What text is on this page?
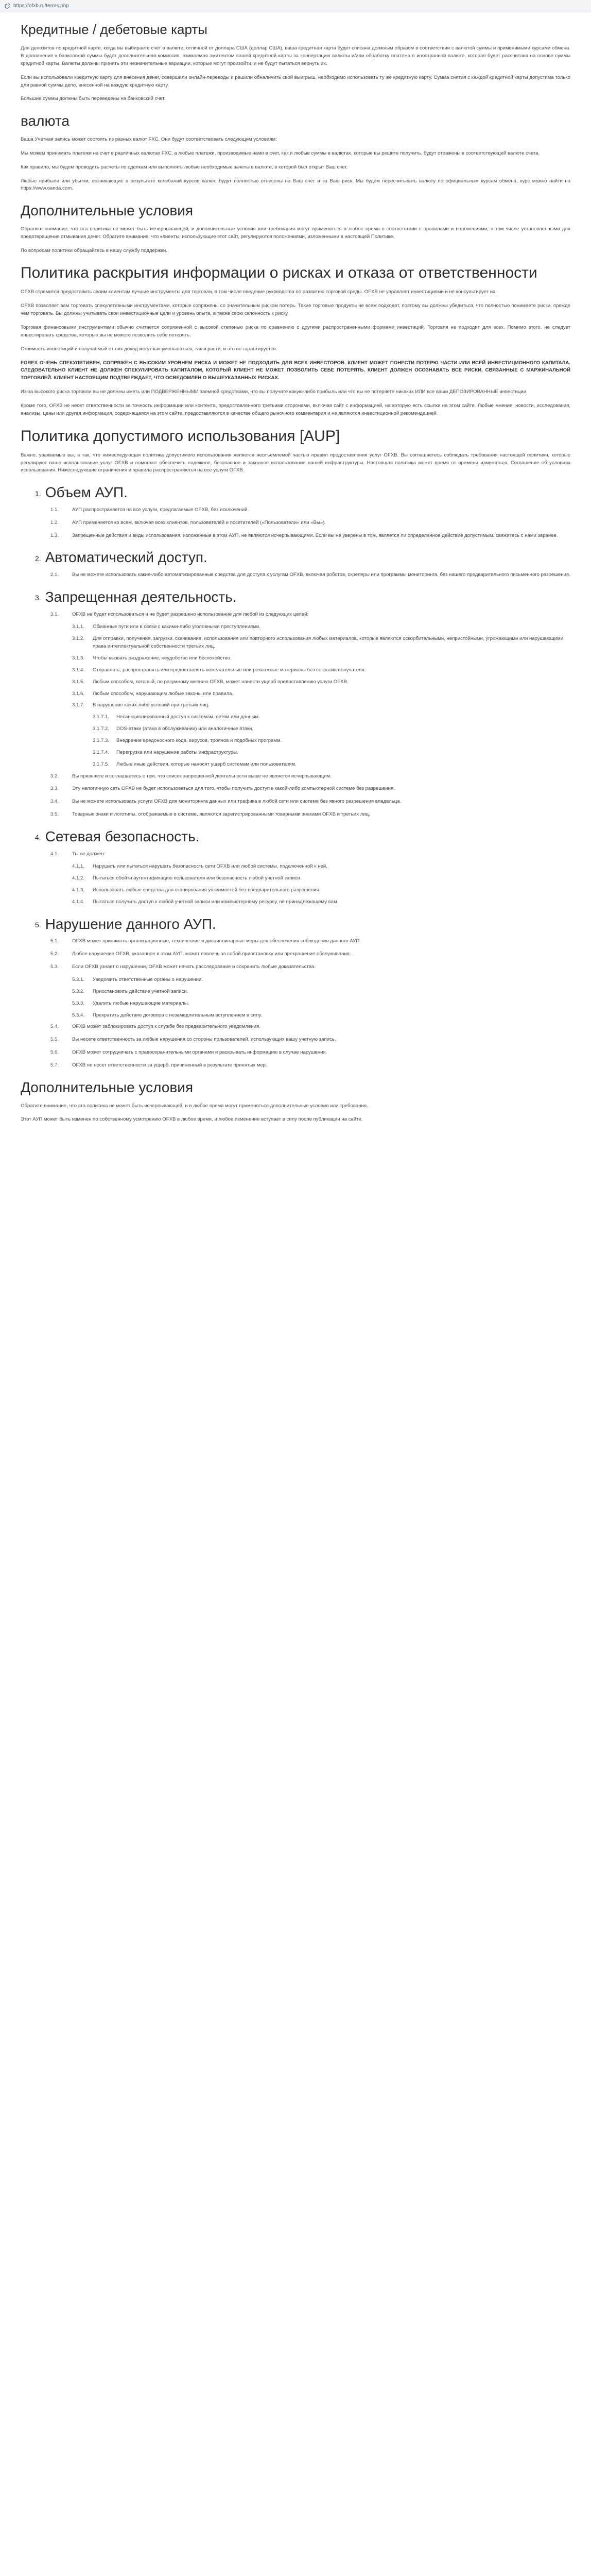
https://ofxb.ru/terms.php
Кредитные / дебетовые карты

Для депозитов по кредитной карте, когда вы выбираете счет в валюте, отличной от доллара США (доллар США), ваша кредитная карта будет списана должным образом в соответствии с валютой суммы и применимыми курсами обмена. В дополнение к банковской суммы будет дополнительная комиссия, взимаемая эмитентом вашей кредитной карты за конвертацию валюты и/или обработку платежа в иностранной валюте, которая будет рассчитана на основе суммы кредитной карты. Валюты должны принять эти незначительные вариации, которые могут произойти, и не будут пытаться вернуть их.

Если вы использовали кредитную карту для внесения денег, совершили онлайн-переводы и решили обналичить свой выигрыш, необходимо использовать ту же кредитную карту. Сумма снятия с каждой кредитной карты допустима только для равной суммы депо, внесенной на каждую кредитную карту.

Большие суммы должны быть переведены на банковский счет.

валюта

Ваша Учетная запись может состоять из разных валют FXC. Они будут соответствовать следующим условиям:

Мы можем принимать платежи на счет в различных валютах FXC, а любые платежи, производимые нами в счет, как и любые суммы в валютах, которые вы решите получить, будут отражены в соответствующей валюте счета.

Как правило, мы будем проводить расчеты по сделкам или выполнять любые необходимые зачеты в валюте, в которой был открыт Ваш счет.

Любые прибыли или убытки, возникающие в результате колебаний курсов валют, будут полностью отнесены на Ваш счет и за Ваш риск. Мы будем пересчитывать валюту по официальным курсам обмена, курс можно найти на https://www.oanda.com.

Дополнительные условия

Обратите внимание, что эта политика не может быть исчерпывающей, и дополнительные условия или требования могут применяться в любое время в соответствии с правилами и положениями, в том числе установленными для предотвращения отмывания денег. Обратите внимание, что клиенты, использующие этот сайт, регулируются положениями, изложенными в настоящей Политике.

По вопросам политики обращайтесь в нашу службу поддержки.

Политика раскрытия информации о рисках и отказа от ответственности

OFXB стремится предоставить своим клиентам лучшие инструменты для торговли, в том числе введение руководства по развитию торговой среды. OFXB не управляет инвестициями и не консультирует их.

OFXB позволяет вам торговать спекулятивными инструментами, которые сопряжены со значительным риском потерь. Такие торговые продукты не всем подходят, поэтому вы должны убедиться, что полностью понимаете риски, прежде чем торговать. Вы должны учитывать свои инвестиционные цели и уровень опыта, а также свою склонность к риску.

Торговая финансовыми инструментами обычно считается сопряженной с высокой степенью риска по сравнению с другими распространенными формами инвестиций. Торговля не подходит для всех. Помимо этого, не следует инвестировать средства, которые вы не можете позволить себе потерять.

Стоимость инвестиций и получаемый от них доход могут как уменьшаться, так и расти, и это не гарантируется.

FOREX ОЧЕНЬ СПЕКУЛЯТИВЕН, СОПРЯЖЕН С ВЫСОКИМ УРОВНЕМ РИСКА И МОЖЕТ НЕ ПОДХОДИТЬ ДЛЯ ВСЕХ ИНВЕСТОРОВ. КЛИЕНТ МОЖЕТ ПОНЕСТИ ПОТЕРЮ ЧАСТИ ИЛИ ВСЕЙ ИНВЕСТИЦИОННОГО КАПИТАЛА. СЛЕДОВАТЕЛЬНО КЛИЕНТ НЕ ДОЛЖЕН СПЕКУЛИРОВАТЬ КАПИТАЛОМ, КОТОРЫЙ КЛИЕНТ НЕ МОЖЕТ ПОЗВОЛИТЬ СЕБЕ ПОТЕРЯТЬ. КЛИЕНТ ДОЛЖЕН ОСОЗНАВАТЬ ВСЕ РИСКИ, СВЯЗАННЫЕ С МАРЖИНАЛЬНОЙ ТОРГОВЛЕЙ. КЛИЕНТ НАСТОЯЩИМ ПОДТВЕРЖДАЕТ, ЧТО ОСВЕДОМЛЕН О ВЫШЕУКАЗАННЫХ РИСКАХ.

Из-за высокого риска торговли вы не должны иметь или ПОДВЕРЖЕННЫМИ заемной средствами, что вы получите какую-либо прибыль или что вы не потеряете никаких ИЛИ все ваши ДЕПОЗИРОВАННЫЕ инвестиции.

Кроме того, OFXB не несет ответственности за точность информации или контента, предоставленного третьими сторонами, включая сайт с информацией, на которую есть ссылки на этом сайте. Любые мнения, новости, исследования, анализы, цены или другая информация, содержащаяся на этом сайте, предоставляются в качестве общего рыночного комментария и не являются инвестиционной рекомендацией.

Политика допустимого использования [AUP]

Важно, уважаемые вы, а так, что нижеследующая политика допустимого использования является неотъемлемой частью правил предоставления услуг OFXB. Вы соглашаетесь соблюдать требования настоящей политики, которые регулируют ваше использование услуг OFXB и помогают обеспечить надежное, безопасное и законное использование нашей инфраструктуры. Настоящая политика может время от времени изменяться. Соглашение об условиях использования. Нижеследующие ограничения и правила распространяются на все услуги OFXB.

1. Объем АУП.
1.1.	АУП распространяется на все услуги, предлагаемые OFXB, без исключений.
1.2.	АУП применяется ко всем, включая всех клиентов, пользователей и посетителей («Пользователи» или «Вы»).
1.3.	Запрещенные действия и виды использования, изложенные в этом АУП, не являются исчерпывающими. Если вы не уверены в том, является ли определенное действие допустимым, свяжитесь с нами заранее.
2. Автоматический доступ.
2.1.	Вы не можете использовать какие-либо автоматизированные средства для доступа к услугам OFXB, включая роботов, скреперы или программы мониторинга, без нашего предварительного письменного разрешения.
3. Запрещенная деятельность.
3.1.	OFXB не будет использоваться и не будет разрешено использование для любой из следующих целей:
3.1.1.	Обманные пути или в связи с какими-либо уголовными преступлениями.
3.1.2.	Для отправки, получения, загрузки, скачивания, использования или повторного использования любых материалов, которые являются оскорбительными, непристойными, угрожающими или нарушающими права интеллектуальной собственности третьих лиц.
3.1.3.	Чтобы вызвать раздражение, неудобство или беспокойство.
3.1.4.	Отправлять, распространять или предоставлять нежелательные или рекламные материалы без согласия получателя.
3.1.5.	Любым способом, который, по разумному мнению OFXB, может нанести ущерб предоставлению услуги OFXB.
3.1.6.	Любым способом, нарушающим любые законы или правила.
3.1.7.	В нарушение каких-либо условий при третьих лиц.
3.1.7.1.	Несанкционированный доступ к системам, сетям или данным.
3.1.7.2.	DOS-атаки (атака в обслуживании) или аналогичные атаки.
3.1.7.3.	Внедрение вредоносного кода, вирусов, троянов и подобных программ.
3.1.7.4.	Перегрузка или нарушение работы инфраструктуры.
3.1.7.5.	Любые иные действия, которые наносят ущерб системам или пользователям.
3.2.	Вы признаете и соглашаетесь с тем, что список запрещенной деятельности выше не является исчерпывающим.
3.3.	Эту нелогичную сеть OFXB не будет использоваться для того, чтобы получить доступ к какой-либо компьютерной системе без разрешения.
3.4.	Вы не можете использовать услуги OFXB для мониторинга данных или трафика в любой сети или системе без явного разрешения владельца.
3.5.	Товарные знаки и логотипы, отображаемые в системе, являются зарегистрированными товарными знаками OFXB и третьих лиц.
4. Сетевая безопасность.
4.1.	Ты не должен:
4.1.1.	Нарушать или пытаться нарушать безопасность сети OFXB или любой системы, подключенной к ней.
4.1.2.	Пытаться обойти аутентификацию пользователя или безопасность любой учетной записи.
4.1.3.	Использовать любые средства для сканирования уязвимостей без предварительного разрешения.
4.1.4.	Пытаться получить доступ к любой учетной записи или компьютерному ресурсу, не принадлежащему вам.
5. Нарушение данного АУП.
5.1.	OFXB может принимать организационные, технические и дисциплинарные меры для обеспечения соблюдения данного АУП.
5.2.	Любое нарушение OFXB, указанное в этом АУП, может повлечь за собой приостановку или прекращение обслуживания.
5.3.	Если OFXB узнает о нарушении, OFXB может начать расследование и сохранить любые доказательства.
5.3.1.	Уведомить ответственные органы о нарушении.
5.3.2.	Приостановить действие учетной записи.
5.3.3.	Удалить любые нарушающие материалы.
5.3.4.	Прекратить действие договора с незамедлительным вступлением в силу.
5.4.	OFXB может заблокировать доступ к службе без предварительного уведомления.
5.5.	Вы несете ответственность за любые нарушения со стороны пользователей, использующих вашу учетную запись.
5.6.	OFXB может сотрудничать с правоохранительными органами и раскрывать информацию в случае нарушения.
5.7.	OFXB не несет ответственности за ущерб, причиненный в результате принятых мер.
Дополнительные условия

Обратите внимание, что эта политика не может быть исчерпывающей, и в любое время могут применяться дополнительные условия или требования.

Этот АУП может быть изменен по собственному усмотрению OFXB в любое время, и любое изменение вступает в силу после публикации на сайте.
